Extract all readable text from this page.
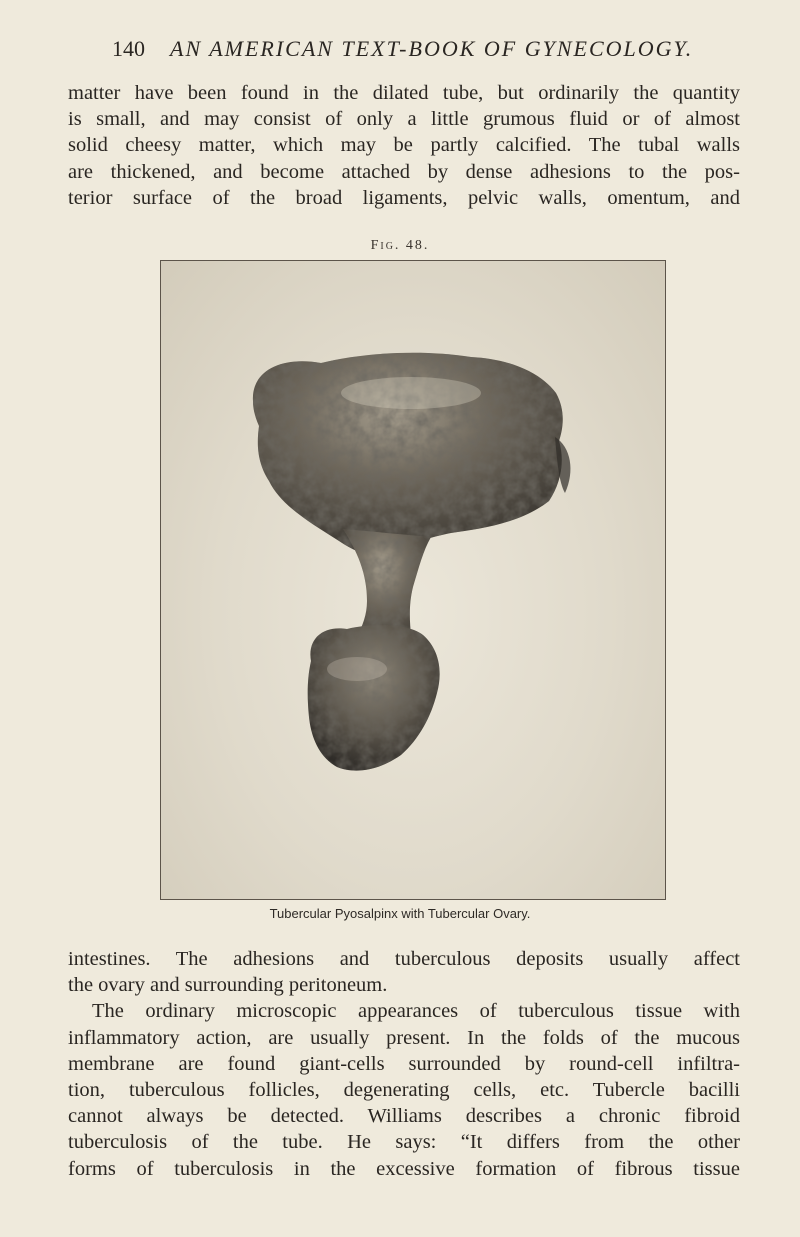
140 AN AMERICAN TEXT-BOOK OF GYNECOLOGY.
matter have been found in the dilated tube, but ordinarily the quantity
is small, and may consist of only a little grumous fluid or of almost
solid cheesy matter, which may be partly calcified. The tubal walls
are thickened, and become attached by dense adhesions to the pos-
terior surface of the broad ligaments, pelvic walls, omentum, and
Fig. 48.
Tubercular Pyosalpinx with Tubercular Ovary.
intestines. The adhesions and tuberculous deposits usually affect
the ovary and surrounding peritoneum.
The ordinary microscopic appearances of tuberculous tissue with
inflammatory action, are usually present. In the folds of the mucous
membrane are found giant-cells surrounded by round-cell infiltra-
tion, tuberculous follicles, degenerating cells, etc. Tubercle bacilli
cannot always be detected. Williams describes a chronic fibroid
tuberculosis of the tube. He says: “It differs from the other
forms of tuberculosis in the excessive formation of fibrous tissue
